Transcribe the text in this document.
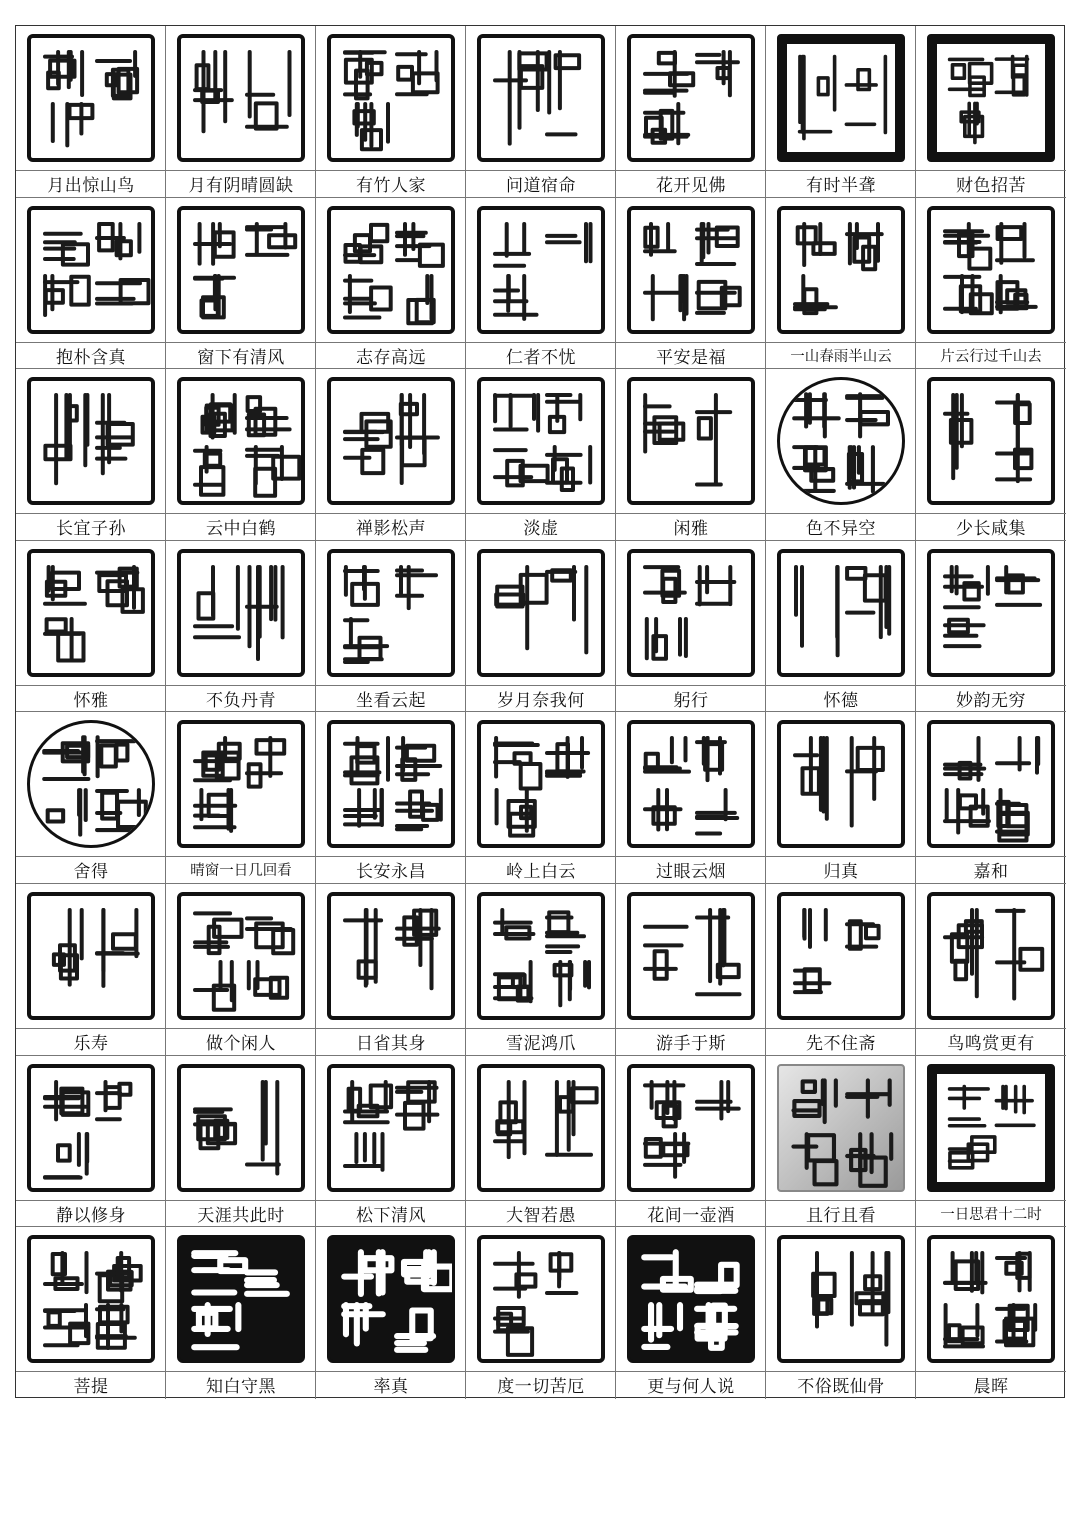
月出惊山鸟	月有阴晴圆缺	有竹人家	问道宿命	花开见佛	有时半聋	财色招苦
抱朴含真	窗下有清风	志存高远	仁者不忧	平安是福	一山春雨半山云	片云行过千山去
长宜子孙	云中白鹤	禅影松声	淡虚	闲雅	色不异空	少长咸集
怀雅	不负丹青	坐看云起	岁月奈我何	躬行	怀德	妙韵无穷
舍得	晴窗一日几回看	长安永昌	岭上白云	过眼云烟	归真	嘉和
乐寿	做个闲人	日省其身	雪泥鸿爪	游手于斯	先不住斋	鸟鸣赏更有
静以修身	天涯共此时	松下清风	大智若愚	花间一壶酒	且行且看	一日思君十二时
菩提	知白守黑	率真	度一切苦厄	更与何人说	不俗既仙骨	晨晖
